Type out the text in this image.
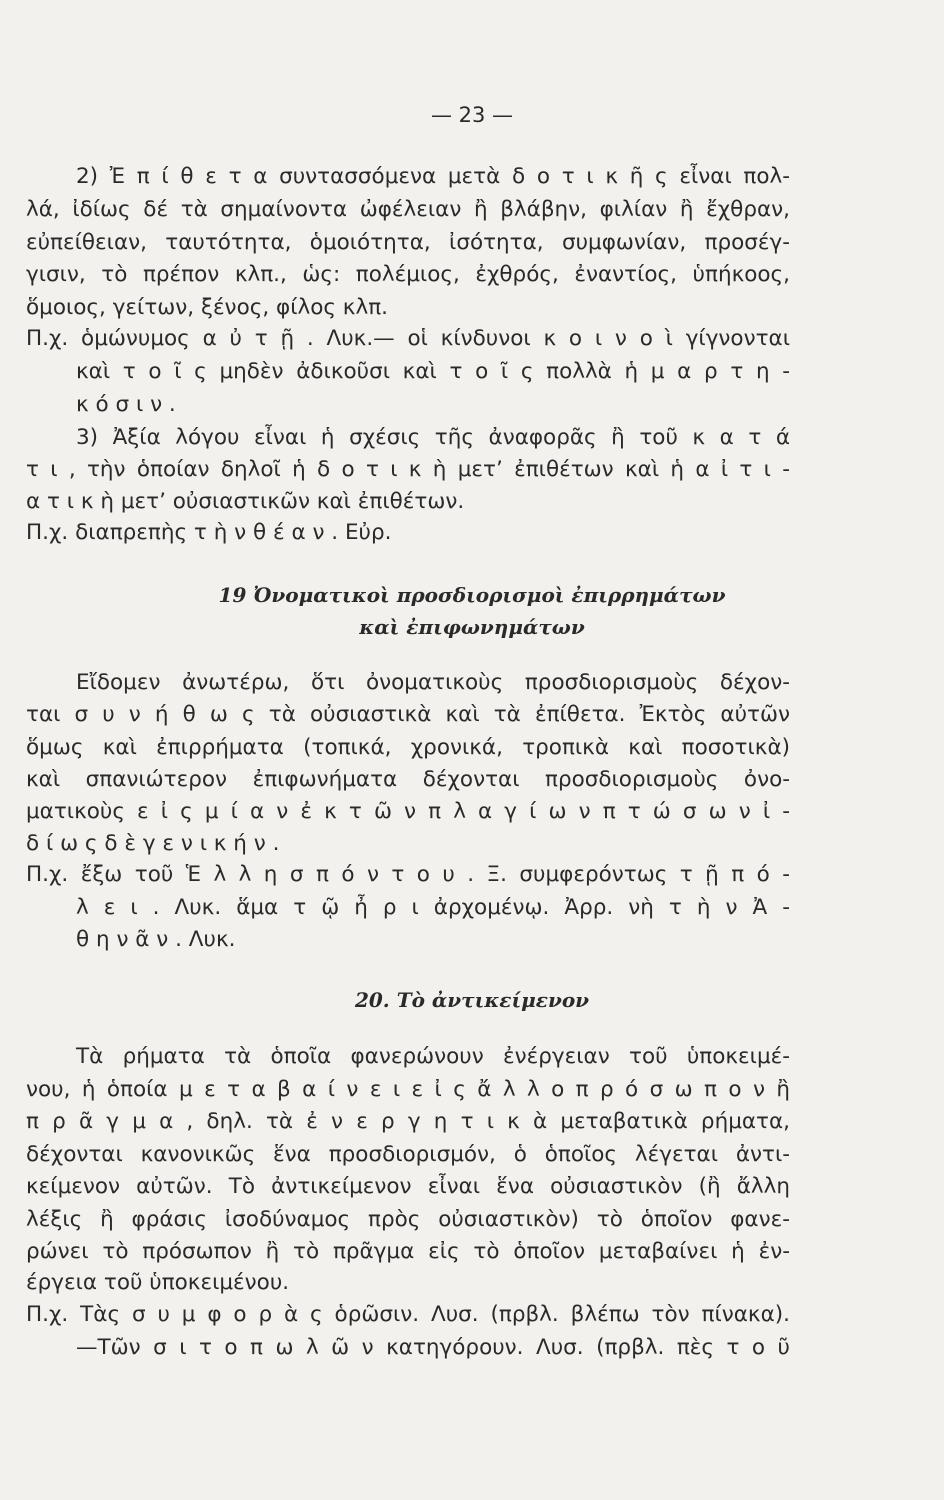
— 23 —
2) Ἐ π ί θ ε τ α συντασσόμενα μετὰ δ ο τ ι κ ῆ ς εἶναι πολ-
λά, ἰδίως δέ τὰ σημαίνοντα ὠφέλειαν ἢ βλάβην, φιλίαν ἢ ἔχθραν,
εὐπείθειαν, ταυτότητα, ὁμοιότητα, ἰσότητα, συμφωνίαν, προσέγ-
γισιν, τὸ πρέπον κλπ., ὡς: πολέμιος, ἐχθρός, ἐναντίος, ὑπήκοος,
ὅμοιος, γείτων, ξένος, φίλος κλπ.
Π.χ. ὁμώνυμος α ὐ τ ῇ . Λυκ.— οἱ κίνδυνοι κ ο ι ν ο ὶ γίγνονται
καὶ τ ο ῖ ς μηδὲν ἀδικοῦσι καὶ τ ο ῖ ς πολλὰ ἡ μ α ρ τ η -
κ ό σ ι ν .
3) Ἀξία λόγου εἶναι ἡ σχέσις τῆς ἀναφορᾶς ἢ τοῦ κ α τ ά
τ ι , τὴν ὁποίαν δηλοῖ ἡ δ ο τ ι κ ὴ μετ’ ἐπιθέτων καὶ ἡ α ἰ τ ι -
α τ ι κ ὴ μετ’ οὐσιαστικῶν καὶ ἐπιθέτων.
Π.χ. διαπρεπὴς τ ὴ ν θ έ α ν . Εὐρ.
19 Ὀνοματικοὶ προσδιορισμοὶ ἐπιρρημάτων
καὶ ἐπιφωνημάτων
Εἴδομεν ἀνωτέρω, ὅτι ὀνοματικοὺς προσδιορισμοὺς δέχον-
ται σ υ ν ή θ ω ς τὰ οὐσιαστικὰ καὶ τὰ ἐπίθετα. Ἐκτὸς αὐτῶν
ὅμως καὶ ἐπιρρήματα (τοπικά, χρονικά, τροπικὰ καὶ ποσοτικὰ)
καὶ σπανιώτερον ἐπιφωνήματα δέχονται προσδιορισμοὺς ὀνο-
ματικοὺς ε ἰ ς μ ί α ν ἐ κ τ ῶ ν π λ α γ ί ω ν π τ ώ σ ω ν ἰ -
δ ί ω ς δ ὲ γ ε ν ι κ ή ν .
Π.χ. ἔξω τοῦ Ἑ λ λ η σ π ό ν τ ο υ . Ξ. συμφερόντως τ ῇ π ό -
λ ε ι . Λυκ. ἅμα τ ῷ ἦ ρ ι ἀρχομένῳ. Ἀρρ. νὴ τ ὴ ν Ἀ -
θ η ν ᾶ ν . Λυκ.
20. Τὸ ἀντικείμενον
Τὰ ρήματα τὰ ὁποῖα φανερώνουν ἐνέργειαν τοῦ ὑποκειμέ-
νου, ἡ ὁποία μ ε τ α β α ί ν ε ι ε ἰ ς ἄ λ λ ο π ρ ό σ ω π ο ν ἢ
π ρ ᾶ γ μ α , δηλ. τὰ ἐ ν ε ρ γ η τ ι κ ὰ μεταβατικὰ ρήματα,
δέχονται κανονικῶς ἕνα προσδιορισμόν, ὁ ὁποῖος λέγεται ἀντι-
κείμενον αὐτῶν. Τὸ ἀντικείμενον εἶναι ἕνα οὐσιαστικὸν (ἢ ἄλλη
λέξις ἢ φράσις ἰσοδύναμος πρὸς οὐσιαστικὸν) τὸ ὁποῖον φανε-
ρώνει τὸ πρόσωπον ἢ τὸ πρᾶγμα εἰς τὸ ὁποῖον μεταβαίνει ἡ ἐν-
έργεια τοῦ ὑποκειμένου.
Π.χ. Τὰς σ υ μ φ ο ρ ὰ ς ὁρῶσιν. Λυσ. (πρβλ. βλέπω τὸν πίνακα).
—Τῶν σ ι τ ο π ω λ ῶ ν κατηγόρουν. Λυσ. (πρβλ. πὲς τ ο ῦ
